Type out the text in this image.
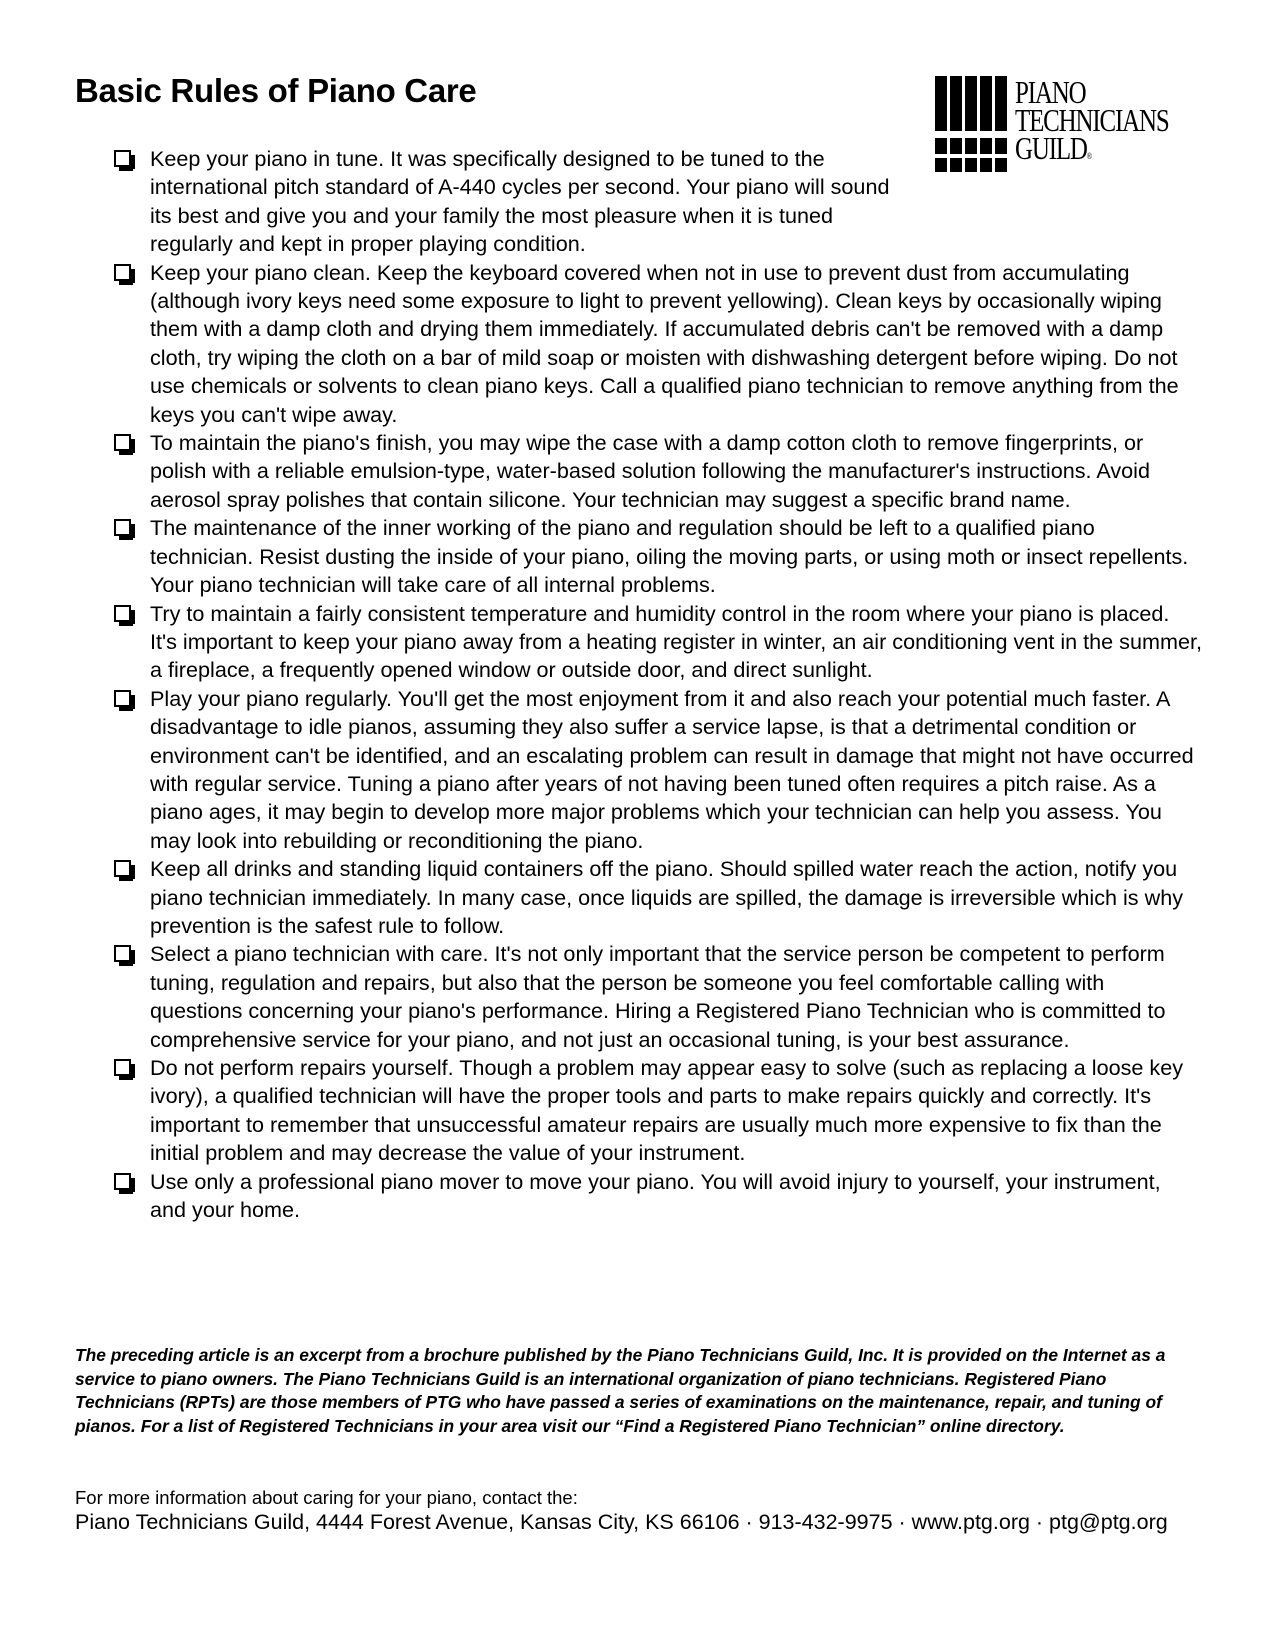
Basic Rules of Piano Care	PIANO
TECHNICIANS
GUILD®
Keep your piano in tune. It was specifically designed to be tuned to the international pitch standard of A-440 cycles per second. Your piano will sound its best and give you and your family the most pleasure when it is tuned regularly and kept in proper playing condition.
Keep your piano clean. Keep the keyboard covered when not in use to prevent dust from accumulating (although ivory keys need some exposure to light to prevent yellowing). Clean keys by occasionally wiping them with a damp cloth and drying them immediately. If accumulated debris can't be removed with a damp cloth, try wiping the cloth on a bar of mild soap or moisten with dishwashing detergent before wiping. Do not use chemicals or solvents to clean piano keys. Call a qualified piano technician to remove anything from the keys you can't wipe away.
To maintain the piano's finish, you may wipe the case with a damp cotton cloth to remove fingerprints, or polish with a reliable emulsion-type, water-based solution following the manufacturer's instructions. Avoid aerosol spray polishes that contain silicone. Your technician may suggest a specific brand name.
The maintenance of the inner working of the piano and regulation should be left to a qualified piano technician. Resist dusting the inside of your piano, oiling the moving parts, or using moth or insect repellents. Your piano technician will take care of all internal problems.
Try to maintain a fairly consistent temperature and humidity control in the room where your piano is placed. It's important to keep your piano away from a heating register in winter, an air conditioning vent in the summer, a fireplace, a frequently opened window or outside door, and direct sunlight.
Play your piano regularly. You'll get the most enjoyment from it and also reach your potential much faster. A disadvantage to idle pianos, assuming they also suffer a service lapse, is that a detrimental condition or environment can't be identified, and an escalating problem can result in damage that might not have occurred with regular service. Tuning a piano after years of not having been tuned often requires a pitch raise. As a piano ages, it may begin to develop more major problems which your technician can help you assess. You may look into rebuilding or reconditioning the piano.
Keep all drinks and standing liquid containers off the piano. Should spilled water reach the action, notify you piano technician immediately. In many case, once liquids are spilled, the damage is irreversible which is why prevention is the safest rule to follow.
Select a piano technician with care. It's not only important that the service person be competent to perform tuning, regulation and repairs, but also that the person be someone you feel comfortable calling with questions concerning your piano's performance. Hiring a Registered Piano Technician who is committed to comprehensive service for your piano, and not just an occasional tuning, is your best assurance.
Do not perform repairs yourself. Though a problem may appear easy to solve (such as replacing a loose key ivory), a qualified technician will have the proper tools and parts to make repairs quickly and correctly. It's important to remember that unsuccessful amateur repairs are usually much more expensive to fix than the initial problem and may decrease the value of your instrument.
Use only a professional piano mover to move your piano. You will avoid injury to yourself, your instrument, and your home.

The preceding article is an excerpt from a brochure published by the Piano Technicians Guild, Inc. It is provided on the Internet as a service to piano owners. The Piano Technicians Guild is an international organization of piano technicians. Registered Piano Technicians (RPTs) are those members of PTG who have passed a series of examinations on the maintenance, repair, and tuning of pianos. For a list of Registered Technicians in your area visit our “Find a Registered Piano Technician” online directory.

For more information about caring for your piano, contact the:

Piano Technicians Guild, 4444 Forest Avenue, Kansas City, KS 66106 · 913-432-9975 · www.ptg.org · ptg@ptg.org
